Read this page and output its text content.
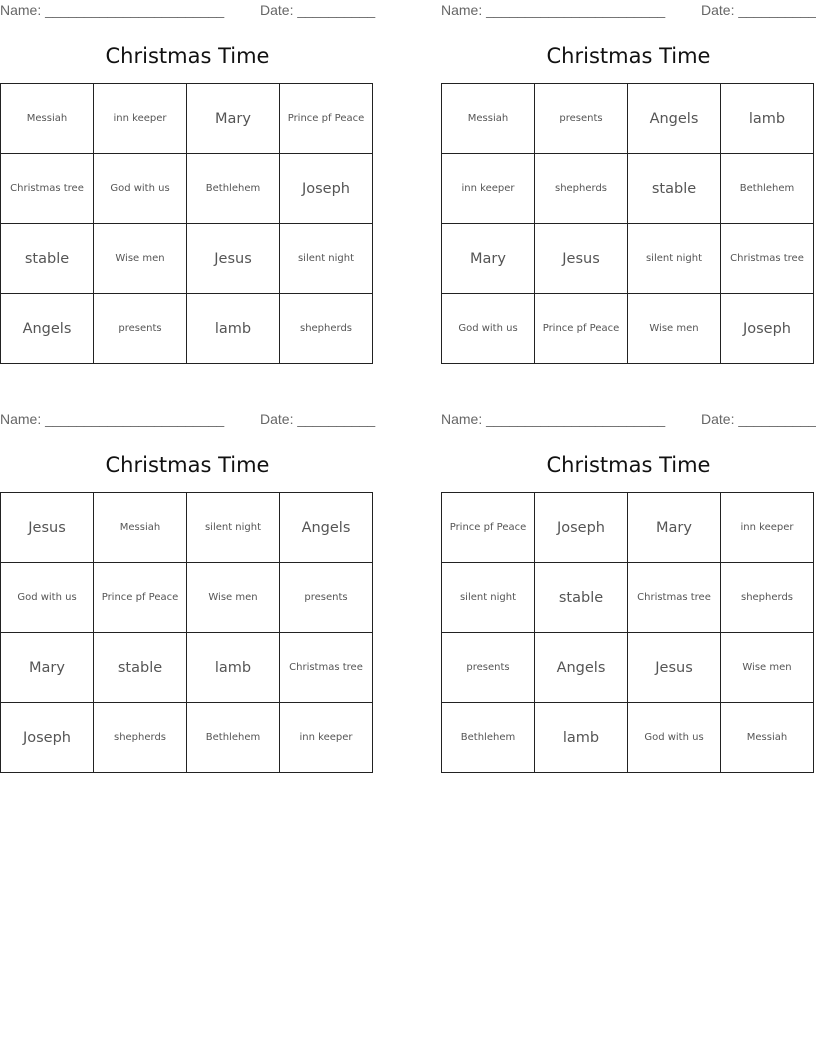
Name: _______________________	Date: __________
Christmas Time
Messiah	inn keeper	Mary	Prince pf Peace
Christmas tree	God with us	Bethlehem	Joseph
stable	Wise men	Jesus	silent night
Angels	presents	lamb	shepherds
Name: _______________________	Date: __________
Christmas Time
Messiah	presents	Angels	lamb
inn keeper	shepherds	stable	Bethlehem
Mary	Jesus	silent night	Christmas tree
God with us	Prince pf Peace	Wise men	Joseph
Name: _______________________	Date: __________
Christmas Time
Jesus	Messiah	silent night	Angels
God with us	Prince pf Peace	Wise men	presents
Mary	stable	lamb	Christmas tree
Joseph	shepherds	Bethlehem	inn keeper
Name: _______________________	Date: __________
Christmas Time
Prince pf Peace	Joseph	Mary	inn keeper
silent night	stable	Christmas tree	shepherds
presents	Angels	Jesus	Wise men
Bethlehem	lamb	God with us	Messiah
